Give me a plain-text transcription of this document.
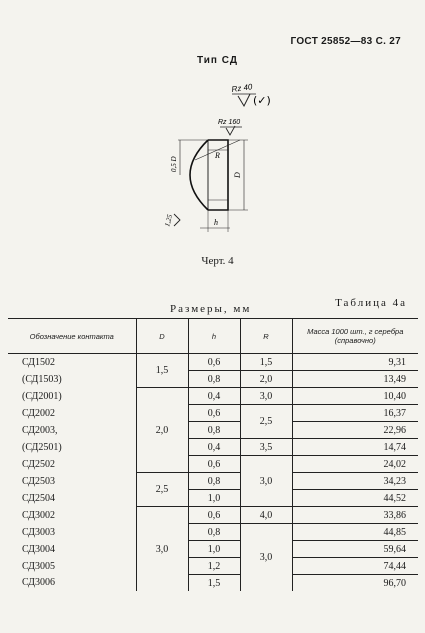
ГОСТ 25852—83 С. 27
Тип СД
Rz 40
(✓)
Rz 160
R
D
0,5 D
1,25	h
Черт. 4
Размеры, мм	Таблица 4а
Обозначение контакта	D	h	R	Масса 1000 шт., г серебра (справочно)
СД1502	1,5	0,6	1,5	9,31
(СД1503)		0,8	2,0	13,49
(СД2001)	2,0	0,4	3,0	10,40
СД2002		0,6	2,5	16,37
СД2003,		0,8		22,96
(СД2501)		0,4	3,5	14,74
СД2502		0,6	3,0	24,02
СД2503	2,5	0,8		34,23
СД2504		1,0		44,52
СД3002	3,0	0,6	4,0	33,86
СД3003		0,8	3,0	44,85
СД3004		1,0		59,64
СД3005		1,2		74,44
СД3006		1,5		96,70
